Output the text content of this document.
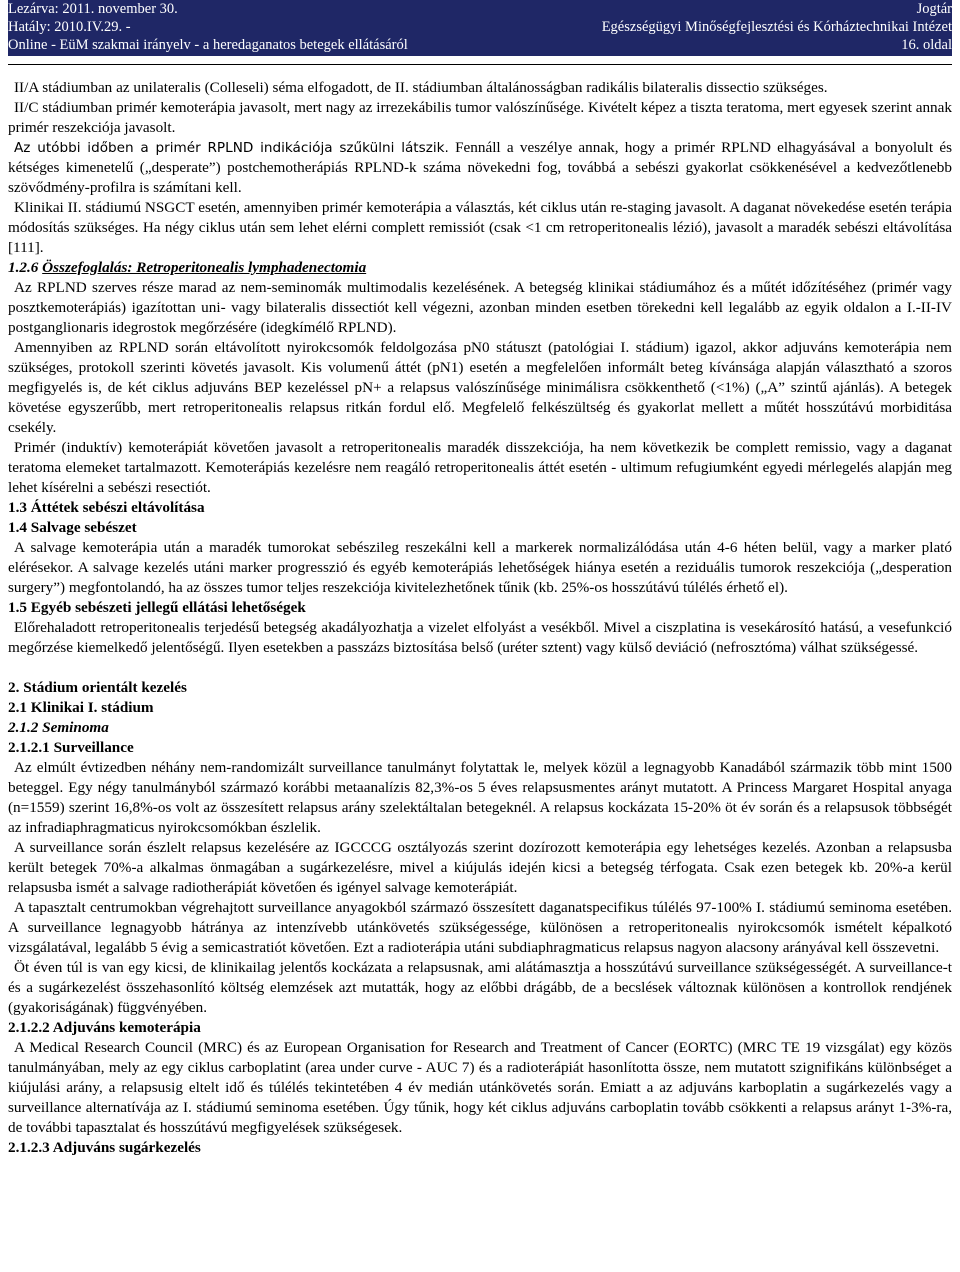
Lezárva: 2011. november 30.
Hatály: 2010.IV.29. -
Online - EüM szakmai irányelv - a heredaganatos betegek ellátásáról
Jogtár
Egészségügyi Minőségfejlesztési és Kórháztechnikai Intézet
16. oldal

II/A stádiumban az unilateralis (Colleseli) séma elfogadott, de II. stádiumban általánosságban radikális bilateralis dissectio szükséges.

II/C stádiumban primér kemoterápia javasolt, mert nagy az irrezekábilis tumor valószínűsége. Kivételt képez a tiszta teratoma, mert egyesek szerint annak primér reszekciója javasolt.

Az utóbbi időben a primér RPLND indikációja szűkülni látszik. Fennáll a veszélye annak, hogy a primér RPLND elhagyásával a bonyolult és kétséges kimenetelű („desperate”) postchemotherápiás RPLND-k száma növekedni fog, továbbá a sebészi gyakorlat csökkenésével a kedvezőtlenebb szövődmény-profilra is számítani kell.

Klinikai II. stádiumú NSGCT esetén, amennyiben primér kemoterápia a választás, két ciklus után re-staging javasolt. A daganat növekedése esetén terápia módosítás szükséges. Ha négy ciklus után sem lehet elérni complett remissiót (csak <1 cm retroperitonealis lézió), javasolt a maradék sebészi eltávolítása [111].

1.2.6 Összefoglalás: Retroperitonealis lymphadenectomia

Az RPLND szerves része marad az nem-seminomák multimodalis kezelésének. A betegség klinikai stádiumához és a műtét időzítéséhez (primér vagy posztkemoterápiás) igazítottan uni- vagy bilateralis dissectiót kell végezni, azonban minden esetben törekedni kell legalább az egyik oldalon a I.-II-IV postganglionaris idegrostok megőrzésére (idegkímélő RPLND).

Amennyiben az RPLND során eltávolított nyirokcsomók feldolgozása pN0 státuszt (patológiai I. stádium) igazol, akkor adjuváns kemoterápia nem szükséges, protokoll szerinti követés javasolt. Kis volumenű áttét (pN1) esetén a megfelelően informált beteg kívánsága alapján választható a szoros megfigyelés is, de két ciklus adjuváns BEP kezeléssel pN+ a relapsus valószínűsége minimálisra csökkenthető (<1%) („A” szintű ajánlás). A betegek követése egyszerűbb, mert retroperitonealis relapsus ritkán fordul elő. Megfelelő felkészültség és gyakorlat mellett a műtét hosszútávú morbiditása csekély.

Primér (induktív) kemoterápiát követően javasolt a retroperitonealis maradék disszekciója, ha nem következik be complett remissio, vagy a daganat teratoma elemeket tartalmazott. Kemoterápiás kezelésre nem reagáló retroperitonealis áttét esetén - ultimum refugiumként egyedi mérlegelés alapján meg lehet kísérelni a sebészi resectiót.

1.3 Áttétek sebészi eltávolítása

1.4 Salvage sebészet

A salvage kemoterápia után a maradék tumorokat sebészileg reszekálni kell a markerek normalizálódása után 4-6 héten belül, vagy a marker plató elérésekor. A salvage kezelés utáni marker progresszió és egyéb kemoterápiás lehetőségek hiánya esetén a reziduális tumorok reszekciója („desperation surgery”) megfontolandó, ha az összes tumor teljes reszekciója kivitelezhetőnek tűnik (kb. 25%-os hosszútávú túlélés érhető el).

1.5 Egyéb sebészeti jellegű ellátási lehetőségek

Előrehaladott retroperitonealis terjedésű betegség akadályozhatja a vizelet elfolyást a vesékből. Mivel a ciszplatina is vesekárosító hatású, a vesefunkció megőrzése kiemelkedő jelentőségű. Ilyen esetekben a passzázs biztosítása belső (uréter sztent) vagy külső deviáció (nefrosztóma) válhat szükségessé.

2. Stádium orientált kezelés

2.1 Klinikai I. stádium

2.1.2 Seminoma

2.1.2.1 Surveillance

Az elmúlt évtizedben néhány nem-randomizált surveillance tanulmányt folytattak le, melyek közül a legnagyobb Kanadából származik több mint 1500 beteggel. Egy négy tanulmányból származó korábbi metaanalízis 82,3%-os 5 éves relapsusmentes arányt mutatott. A Princess Margaret Hospital anyaga (n=1559) szerint 16,8%-os volt az összesített relapsus arány szelektáltalan betegeknél. A relapsus kockázata 15-20% öt év során és a relapsusok többségét az infradiaphragmaticus nyirokcsomókban észlelik.

A surveillance során észlelt relapsus kezelésére az IGCCCG osztályozás szerint dozírozott kemoterápia egy lehetséges kezelés. Azonban a relapsusba került betegek 70%-a alkalmas önmagában a sugárkezelésre, mivel a kiújulás idején kicsi a betegség térfogata. Csak ezen betegek kb. 20%-a kerül relapsusba ismét a salvage radiotherápiát követően és igényel salvage kemoterápiát.

A tapasztalt centrumokban végrehajtott surveillance anyagokból származó összesített daganatspecifikus túlélés 97-100% I. stádiumú seminoma esetében. A surveillance legnagyobb hátránya az intenzívebb utánkövetés szükségessége, különösen a retroperitonealis nyirokcsomók ismételt képalkotó vizsgálatával, legalább 5 évig a semicastratiót követően. Ezt a radioterápia utáni subdiaphragmaticus relapsus nagyon alacsony arányával kell összevetni.

Öt éven túl is van egy kicsi, de klinikailag jelentős kockázata a relapsusnak, ami alátámasztja a hosszútávú surveillance szükségességét. A surveillance-t és a sugárkezelést összehasonlító költség elemzések azt mutatták, hogy az előbbi drágább, de a becslések változnak különösen a kontrollok rendjének (gyakoriságának) függvényében.

2.1.2.2 Adjuváns kemoterápia

A Medical Research Council (MRC) és az European Organisation for Research and Treatment of Cancer (EORTC) (MRC TE 19 vizsgálat) egy közös tanulmányában, mely az egy ciklus carboplatint (area under curve - AUC 7) és a radioterápiát hasonlította össze, nem mutatott szignifikáns különbséget a kiújulási arány, a relapsusig eltelt idő és túlélés tekintetében 4 év medián utánkövetés során. Emiatt a az adjuváns karboplatin a sugárkezelés vagy a surveillance alternatívája az I. stádiumú seminoma esetében. Úgy tűnik, hogy két ciklus adjuváns carboplatin tovább csökkenti a relapsus arányt 1-3%-ra, de további tapasztalat és hosszútávú megfigyelések szükségesek.

2.1.2.3 Adjuváns sugárkezelés
